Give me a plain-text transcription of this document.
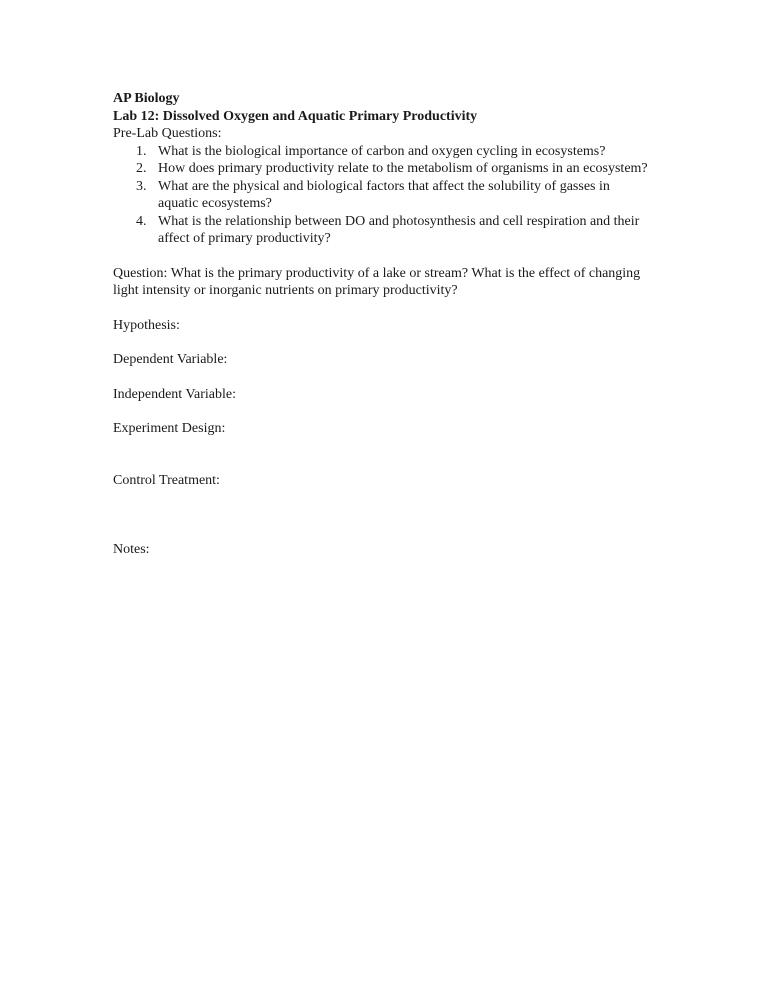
AP Biology
Lab 12: Dissolved Oxygen and Aquatic Primary Productivity
Pre-Lab Questions:
1. What is the biological importance of carbon and oxygen cycling in ecosystems?
2. How does primary productivity relate to the metabolism of organisms in an ecosystem?
3. What are the physical and biological factors that affect the solubility of gasses in aquatic ecosystems?
4. What is the relationship between DO and photosynthesis and cell respiration and their affect of primary productivity?
Question: What is the primary productivity of a lake or stream? What is the effect of changing light intensity or inorganic nutrients on primary productivity?
Hypothesis:
Dependent Variable:
Independent Variable:
Experiment Design:
Control Treatment:
Notes:
